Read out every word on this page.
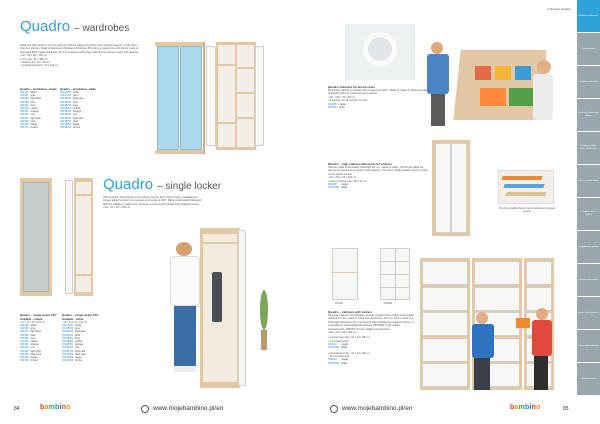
Quadro – wardrobes
Wardrobe with partition. On one side two shelves (upper and lower) and rail with hangers, on the other side four shelves. Made of laminated chipboard (thickness 18 mm) in a maple tone, with doors made of laminated MDF plates (thickness 18 mm) equipped with hinges allowing the doors to open 180 degrees.
• dim. 90 x 60 x 194 cm
• inner dim. 41 x 186 cm
• shelves dim. 34 x 45 cm
• compartments dim. 56 x 134 cm
Quadro – wardrobes, maple
452181	white
452361	grey
452359	light blue
452348	blue
452362	lime
452364	yellow
452365	orange
452366	red
452367	light pink
452368	pink
452369	beige
452370	brown
Quadro – wardrobes, white
452378W	white
452379W	grey
452380W	light blue
452381W	blue
452382W	lime
452383W	yellow
452384W	orange
452385W	red
452386W	light pink
452387W	pink
452388W	beige
452389W	brown
Quadro – single locker
Narrow locker with shelves at the bottom and top and a hook inside. Lockable door. Hinges allow the door to be opened at an angle of 180°. Made of laminated chipboard (18mm). Ideally in maple tone, doors are covered with durable thermoplastic veneer.
• dim. 41 x 46 x 194 cm
Quadro – single locker 180°
lockable – maple
• dim. 41 x 46 x 194 cm
452455	white
452456	grey
452457	light blue
452458	blue
452459	lime
452460	yellow
452461	orange
452462	red
452463	light pink
452464	dark pink
452465	beige
452466	brown
Quadro – single locker 180°
lockable – white
• dim. 41 x 46 x 194 cm
452479W	white
452480W	grey
452481W	light blue
452482W	blue
452483W	lime
452484W	yellow
452485W	orange
452486W	red
452487W	light pink
452488W	dark pink
452489W	beige
452490W	brown
84	bambino	www.mojebambino.pl/en
Collection Quadro
Quadro Cabinets for accessories
Functional cabinet on wheels with a spacious interior. Made of maple or white laminated chipboard (18mm). Fitted with grey wheels.
• dim. 100 x 70 x 66 cm
• 3 shelves: 2x 33 and 30 cm wide
452485	maple
452486	white
Quadro – high cabinet with push-out shelves
Cabinet made of laminated chipboard 18 mm, maple or white. The hinges allow the door to be opened at an angle of 180 degrees. The three middle shelves can be pulled out for easier access.
• dim. 104 x 46 x 194 cm
• pull-out shelves dim. 48 x 37 cm
452008	maple
452009W	white
The three middle shelves can be pulled out for easier access
460081	460099
Quadro – cabinets with lockers
Spacious cabinets with lockable storage compartments. Made of laminated chipboard in the maple or white tone (thickness: 18 mm). Doors made of a chipboard (thickness 18 mm) covered with durable thermoplastic veneer. It is possible to install additional shelves (2847990) in the middle compartments. 2846267 for the middle compartments
• dim. 104 x 46 x 194 cm
• compartment dim. 34 x 44 x 58 cm
• 3 compartments
452010	maple
452010W	white
• compartment dim. 34 x 44 x 95 cm
• 15 compartments
452018	maple
452018W	white
www.mojebambino.pl/en	bambino	85
Furniture collections
Teaching aids
Quadro wardrobes
Cabinets Educational Bases
Changing tables, Beds, Mattresses
Chairs, stools, tables
Carpets, mats, spaces
Playgrounds, garden
Sensory integration
Game, toys, didactics
Office, administration
Hygiene, health
